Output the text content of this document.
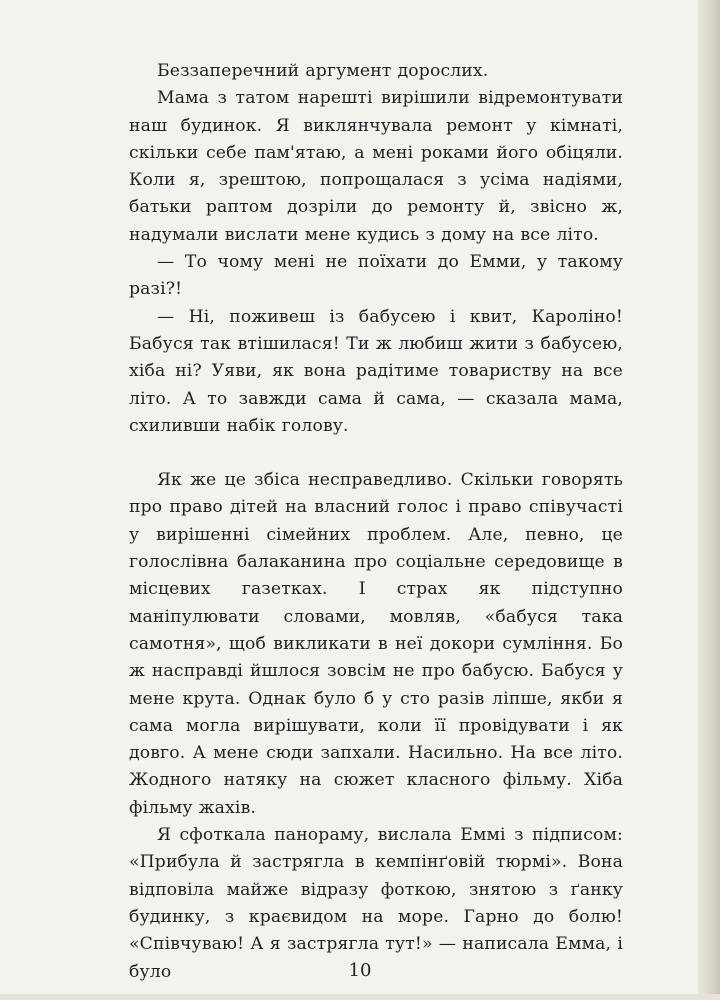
Беззаперечний аргумент дорослих.

Мама з татом нарешті вирішили відремонтувати наш будинок. Я виклянчувала ремонт у кімнаті, скільки себе пам'ятаю, а мені роками його обіцяли. Коли я, зрештою, попрощалася з усіма надіями, батьки раптом дозріли до ремонту й, звісно ж, надумали вислати мене кудись з дому на все літо.

— То чому мені не поїхати до Емми, у такому разі?!

— Ні, поживеш із бабусею і квит, Кароліно! Бабуся так втішилася! Ти ж любиш жити з бабусею, хіба ні? Уяви, як вона радітиме товариству на все літо. А то завжди сама й сама, — сказала мама, схиливши набік голову.

Як же це збіса несправедливо. Скільки говорять про право дітей на власний голос і право співучасті у вирішенні сімейних проблем. Але, певно, це голослівна балаканина про соціальне середовище в місцевих газетках. І страх як підступно маніпулювати словами, мовляв, «бабуся така самотня», щоб викликати в неї докори сумління. Бо ж насправді йшлося зовсім не про бабусю. Бабуся у мене крута. Однак було б у сто разів ліпше, якби я сама могла вирішувати, коли її провідувати і як довго. А мене сюди запхали. Насильно. На все літо. Жодного натяку на сюжет класного фільму. Хіба фільму жахів.

Я сфоткала панораму, вислала Еммі з підписом: «Прибула й застрягла в кемпінґовій тюрмі». Вона відповіла майже відразу фоткою, знятою з ґанку будинку, з краєвидом на море. Гарно до болю! «Співчуваю! А я застрягла тут!» — написала Емма, і було	10
